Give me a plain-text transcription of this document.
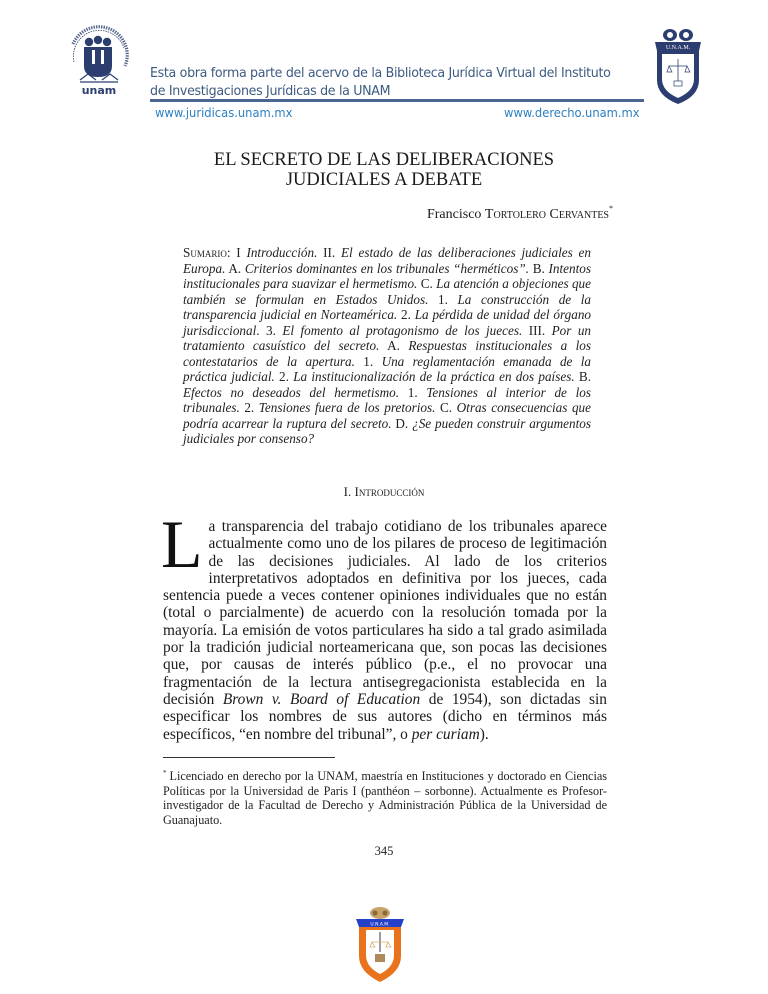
unam
Esta obra forma parte del acervo de la Biblioteca Jurídica Virtual del Instituto
de Investigaciones Jurídicas de la UNAM
www.juridicas.unam.mx	www.derecho.unam.mx
U.N.A.M.
EL SECRETO DE LAS DELIBERACIONES
JUDICIALES A DEBATE
Francisco Tortolero Cervantes*
Sumario: I Introducción. II. El estado de las deliberaciones judiciales en Europa. A. Criterios dominantes en los tribunales “herméticos”. B. Intentos institucionales para suavizar el hermetismo. C. La atención a objeciones que también se formulan en Estados Unidos. 1. La construcción de la transparencia judicial en Norteamérica. 2. La pérdida de unidad del órgano jurisdiccional. 3. El fomento al protagonismo de los jueces. III. Por un tratamiento casuístico del secreto. A. Respuestas institucionales a los contestatarios de la apertura. 1. Una reglamentación emanada de la práctica judicial. 2. La institucionalización de la práctica en dos países. B. Efectos no deseados del hermetismo. 1. Tensiones al interior de los tribunales. 2. Tensiones fuera de los pretorios. C. Otras consecuencias que podría acarrear la ruptura del secreto. D. ¿Se pueden construir argumentos judiciales por consenso?
I. Introducción
La transparencia del trabajo cotidiano de los tribunales aparece actualmente como uno de los pilares de proceso de legitimación de las decisiones judiciales. Al lado de los criterios interpretativos adoptados en definitiva por los jueces, cada sentencia puede a veces contener opiniones individuales que no están (total o parcialmente) de acuerdo con la resolución tomada por la mayoría. La emisión de votos particulares ha sido a tal grado asimilada por la tradición judicial norteamericana que, son pocas las decisiones que, por causas de interés público (p.e., el no provocar una fragmentación de la lectura antisegregacionista establecida en la decisión Brown v. Board of Education de 1954), son dictadas sin especificar los nombres de sus autores (dicho en términos más específicos, “en nombre del tribunal”, o per curiam).
* Licenciado en derecho por la UNAM, maestría en Instituciones y doctorado en Ciencias Políticas por la Universidad de Paris I (panthéon – sorbonne). Actualmente es Profesor-investigador de la Facultad de Derecho y Administración Pública de la Universidad de Guanajuato.
345
U.N.A.M.
